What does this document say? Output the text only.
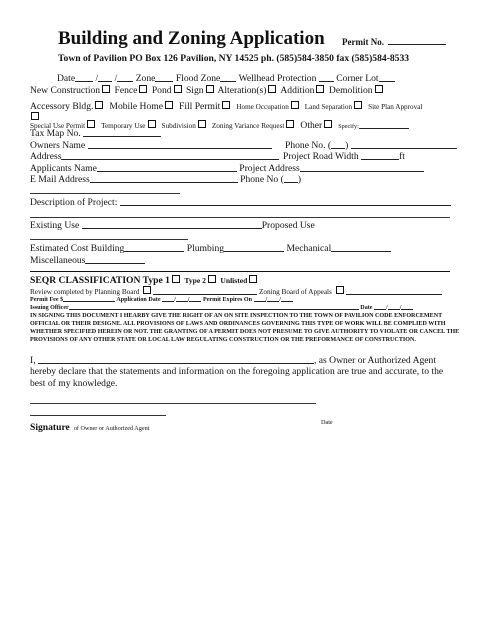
Building and Zoning Application Permit No.
Town of Pavilion PO Box 126 Pavilion, NY 14525 ph. (585)584-3850 fax (585)584-8533
Date / / Zone Flood Zone Wellhead Protection Corner Lot
New Construction Fence Pond Sign Alteration(s) Addition Demolition
Accessory Bldg. Mobile Home Fill Permit Home Occupation Land Separation Site Plan Approval
Special Use Permit Temporary Use Subdivision Zoning Variance Request Other	Specify:
Tax Map No.
Owners Name	Phone No. ( )
Address	Project Road Width	ft
Applicants Name	Project Address
E Mail Address	Phone No ( )
Description of Project:
Existing Use	Proposed Use
Estimated Cost Building	Plumbing	Mechanical
Miscellaneous
SEQR CLASSIFICATION Type 1 Type 2 Unlisted
Review completed by Planning Board	Zoning Board of Appeals
Permit Fee $	Application Date / / Permit Expires On / /
Issuing Officer	Date / /
IN SIGNING THIS DOCUMENT I HEARBY GIVE THE RIGHT OF AN ON SITE INSPECTION TO THE TOWN OF PAVILION CODE ENFORCEMENT OFFICIAL OR THEIR DESIGNE. ALL PROVISIONS OF LAWS AND ORDINANCES GOVERNING THIS TYPE OF WORK WILL BE COMPLIED WITH WHETHER SPECIFIED HEREIN OR NOT. THE GRANTING OF A PERMIT DOES NOT PRESUME TO GIVE AUTHORITY TO VIOLATE OR CANCEL THE PROVISIONS OF ANY OTHER STATE OR LOCAL LAW REGULATING CONSTRUCTION OR THE PREFORMANCE OF CONSTRUCTION.
I,	, as Owner or Authorized Agent hereby declare that the statements and information on the foregoing application are true and accurate, to the best of my knowledge.
Signature of Owner or Authorized Agent
Date
